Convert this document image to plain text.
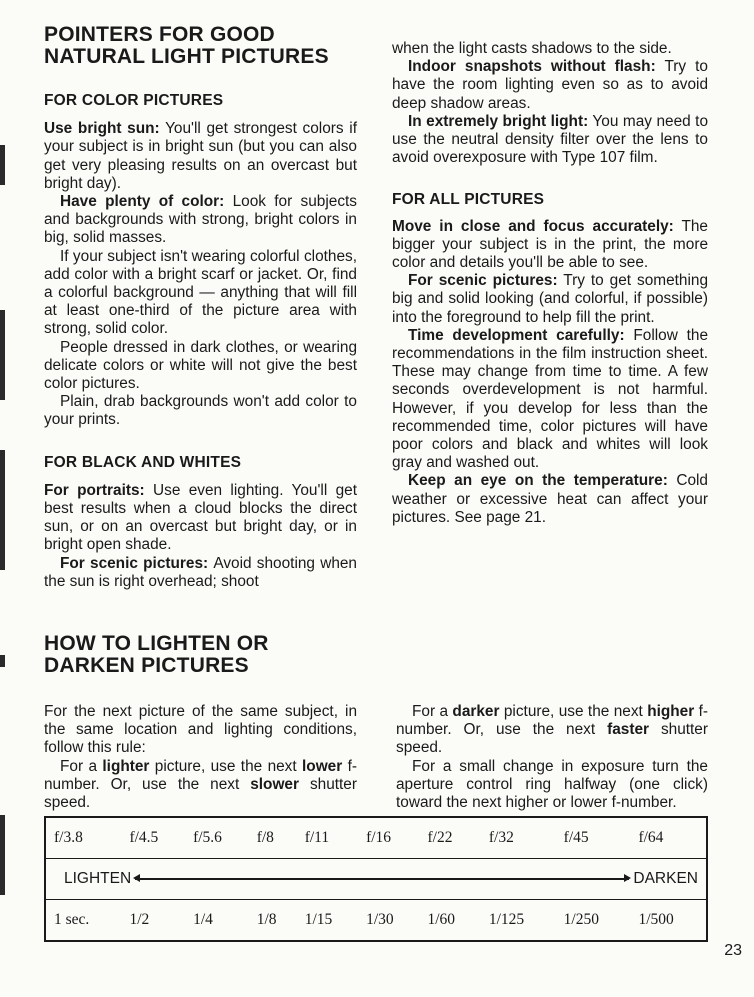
POINTERS FOR GOOD
NATURAL LIGHT PICTURES
FOR COLOR PICTURES

Use bright sun: You'll get strongest colors if your subject is in bright sun (but you can also get very pleasing results on an overcast but bright day).

Have plenty of color: Look for subjects and backgrounds with strong, bright colors in big, solid masses.

If your subject isn't wearing colorful clothes, add color with a bright scarf or jacket. Or, find a colorful background — anything that will fill at least one-third of the picture area with strong, solid color.

People dressed in dark clothes, or wearing delicate colors or white will not give the best color pictures.

Plain, drab backgrounds won't add color to your prints.

FOR BLACK AND WHITES

For portraits: Use even lighting. You'll get best results when a cloud blocks the direct sun, or on an overcast but bright day, or in bright open shade.

For scenic pictures: Avoid shooting when the sun is right overhead; shoot

when the light casts shadows to the side.

Indoor snapshots without flash: Try to have the room lighting even so as to avoid deep shadow areas.

In extremely bright light: You may need to use the neutral density filter over the lens to avoid overexposure with Type 107 film.

FOR ALL PICTURES

Move in close and focus accurately: The bigger your subject is in the print, the more color and details you'll be able to see.

For scenic pictures: Try to get something big and solid looking (and colorful, if possible) into the foreground to help fill the print.

Time development carefully: Follow the recommendations in the film instruction sheet. These may change from time to time. A few seconds overdevelopment is not harmful. However, if you develop for less than the recommended time, color pictures will have poor colors and black and whites will look gray and washed out.

Keep an eye on the temperature: Cold weather or excessive heat can affect your pictures. See page 21.

HOW TO LIGHTEN OR
DARKEN PICTURES

For the next picture of the same subject, in the same location and lighting conditions, follow this rule:

For a lighter picture, use the next lower f-number. Or, use the next slower shutter speed.

For a darker picture, use the next higher f-number. Or, use the next faster shutter speed.

For a small change in exposure turn the aperture control ring halfway (one click) toward the next higher or lower f-number.

f/3.8	f/4.5	f/5.6	f/8	f/11	f/16	f/22	f/32	f/45	f/64

LIGHTEN DARKEN									

1 sec.	1/2	1/4	1/8	1/15	1/30	1/60	1/125	1/250	1/500
23
